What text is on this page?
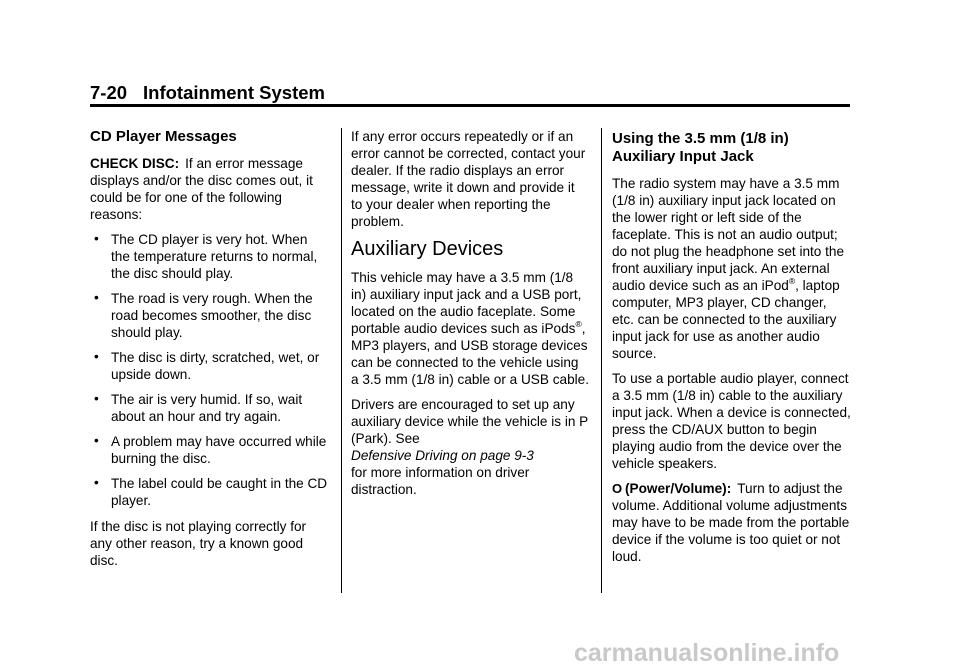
7-20 Infotainment System
CD Player Messages

CHECK DISC: If an error message displays and/or the disc comes out, it could be for one of the following reasons:

• The CD player is very hot. When the temperature returns to normal, the disc should play.
• The road is very rough. When the road becomes smoother, the disc should play.
• The disc is dirty, scratched, wet, or upside down.
• The air is very humid. If so, wait about an hour and try again.
• A problem may have occurred while burning the disc.
• The label could be caught in the CD player.

If the disc is not playing correctly for any other reason, try a known good disc.

If any error occurs repeatedly or if an error cannot be corrected, contact your dealer. If the radio displays an error message, write it down and provide it to your dealer when reporting the problem.

Auxiliary Devices

This vehicle may have a 3.5 mm (1/8 in) auxiliary input jack and a USB port, located on the audio faceplate. Some portable audio devices such as iPods®, MP3 players, and USB storage devices can be connected to the vehicle using a 3.5 mm (1/8 in) cable or a USB cable.

Drivers are encouraged to set up any auxiliary device while the vehicle is in P (Park). See
Defensive Driving on page 9-3
for more information on driver distraction.

Using the 3.5 mm (1/8 in) Auxiliary Input Jack

The radio system may have a 3.5 mm (1/8 in) auxiliary input jack located on the lower right or left side of the faceplate. This is not an audio output; do not plug the headphone set into the front auxiliary input jack. An external audio device such as an iPod®, laptop computer, MP3 player, CD changer, etc. can be connected to the auxiliary input jack for use as another audio source.

To use a portable audio player, connect a 3.5 mm (1/8 in) cable to the auxiliary input jack. When a device is connected, press the CD/AUX button to begin playing audio from the device over the vehicle speakers.

O (Power/Volume): Turn to adjust the volume. Additional volume adjustments may have to be made from the portable device if the volume is too quiet or not loud.

carmanualsonline.info
